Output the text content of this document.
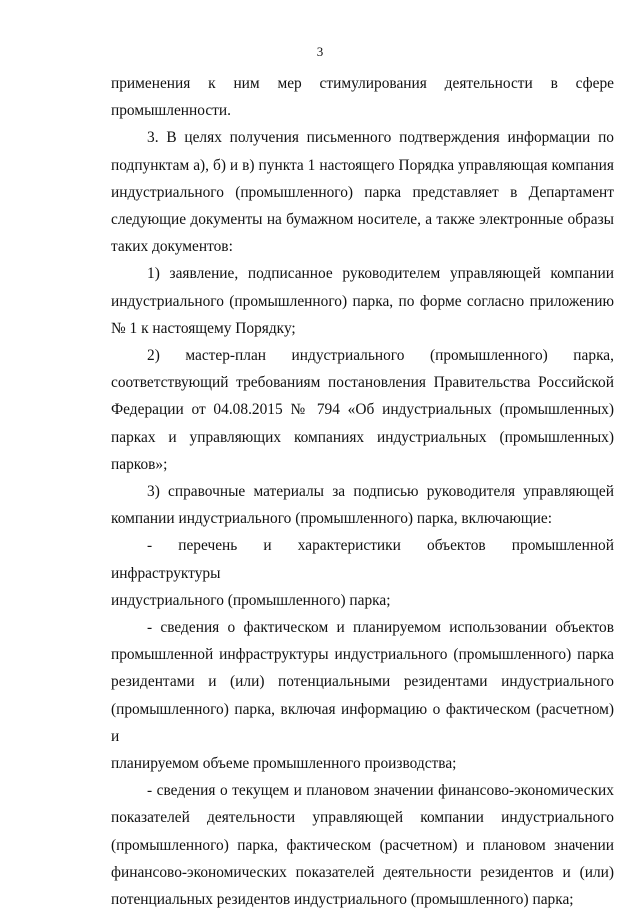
3
применения к ним мер стимулирования деятельности в сфере
промышленности.
3. В целях получения письменного подтверждения информации по
подпунктам а), б) и в) пункта 1 настоящего Порядка управляющая компания
индустриального (промышленного) парка представляет в Департамент
следующие документы на бумажном носителе, а также электронные образы
таких документов:
1) заявление, подписанное руководителем управляющей компании
индустриального (промышленного) парка, по форме согласно приложению
№ 1 к настоящему Порядку;
2) мастер-план индустриального (промышленного) парка,
соответствующий требованиям постановления Правительства Российской
Федерации от 04.08.2015 № 794 «Об индустриальных (промышленных)
парках и управляющих компаниях индустриальных (промышленных)
парков»;
3) справочные материалы за подписью руководителя управляющей
компании индустриального (промышленного) парка, включающие:
- перечень и характеристики объектов промышленной инфраструктуры
индустриального (промышленного) парка;
- сведения о фактическом и планируемом использовании объектов
промышленной инфраструктуры индустриального (промышленного) парка
резидентами и (или) потенциальными резидентами индустриального
(промышленного) парка, включая информацию о фактическом (расчетном) и
планируемом объеме промышленного производства;
- сведения о текущем и плановом значении финансово-экономических
показателей деятельности управляющей компании индустриального
(промышленного) парка, фактическом (расчетном) и плановом значении
финансово-экономических показателей деятельности резидентов и (или)
потенциальных резидентов индустриального (промышленного) парка;
